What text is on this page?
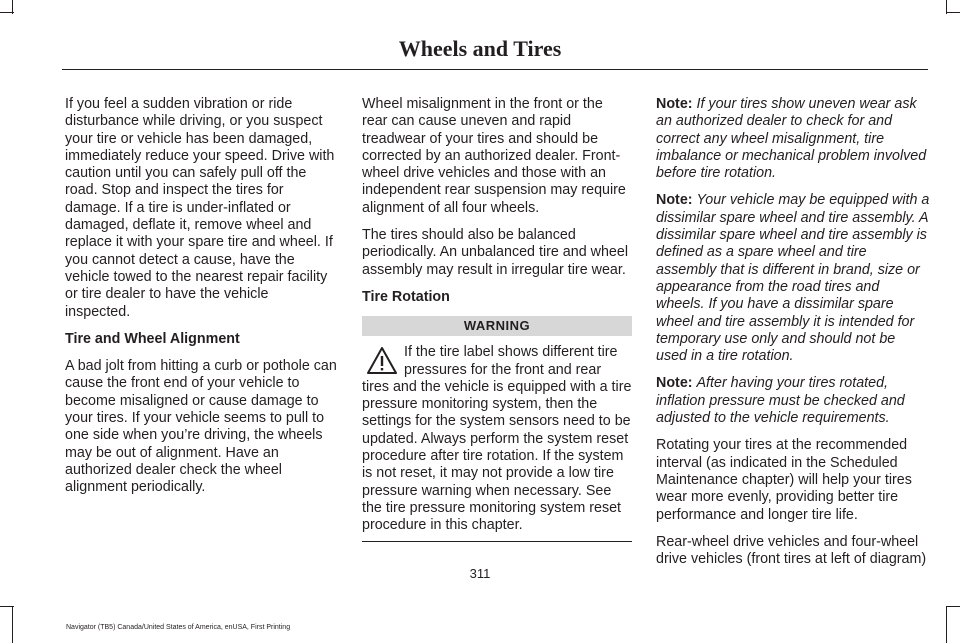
Wheels and Tires

If you feel a sudden vibration or ride disturbance while driving, or you suspect your tire or vehicle has been damaged, immediately reduce your speed. Drive with caution until you can safely pull off the road. Stop and inspect the tires for damage. If a tire is under-inflated or damaged, deflate it, remove wheel and replace it with your spare tire and wheel. If you cannot detect a cause, have the vehicle towed to the nearest repair facility or tire dealer to have the vehicle inspected.

Tire and Wheel Alignment

A bad jolt from hitting a curb or pothole can cause the front end of your vehicle to become misaligned or cause damage to your tires. If your vehicle seems to pull to one side when you’re driving, the wheels may be out of alignment. Have an authorized dealer check the wheel alignment periodically.

Wheel misalignment in the front or the rear can cause uneven and rapid treadwear of your tires and should be corrected by an authorized dealer. Front-wheel drive vehicles and those with an independent rear suspension may require alignment of all four wheels.

The tires should also be balanced periodically. An unbalanced tire and wheel assembly may result in irregular tire wear.

Tire Rotation

WARNING
If the tire label shows different tire pressures for the front and rear tires and the vehicle is equipped with a tire pressure monitoring system, then the settings for the system sensors need to be updated. Always perform the system reset procedure after tire rotation. If the system is not reset, it may not provide a low tire pressure warning when necessary. See the tire pressure monitoring system reset procedure in this chapter.

Note: If your tires show uneven wear ask an authorized dealer to check for and correct any wheel misalignment, tire imbalance or mechanical problem involved before tire rotation.

Note: Your vehicle may be equipped with a dissimilar spare wheel and tire assembly. A dissimilar spare wheel and tire assembly is defined as a spare wheel and tire assembly that is different in brand, size or appearance from the road tires and wheels. If you have a dissimilar spare wheel and tire assembly it is intended for temporary use only and should not be used in a tire rotation.

Note: After having your tires rotated, inflation pressure must be checked and adjusted to the vehicle requirements.

Rotating your tires at the recommended interval (as indicated in the Scheduled Maintenance chapter) will help your tires wear more evenly, providing better tire performance and longer tire life.

Rear-wheel drive vehicles and four-wheel drive vehicles (front tires at left of diagram)

311
Navigator (TB5) Canada/United States of America, enUSA, First Printing
